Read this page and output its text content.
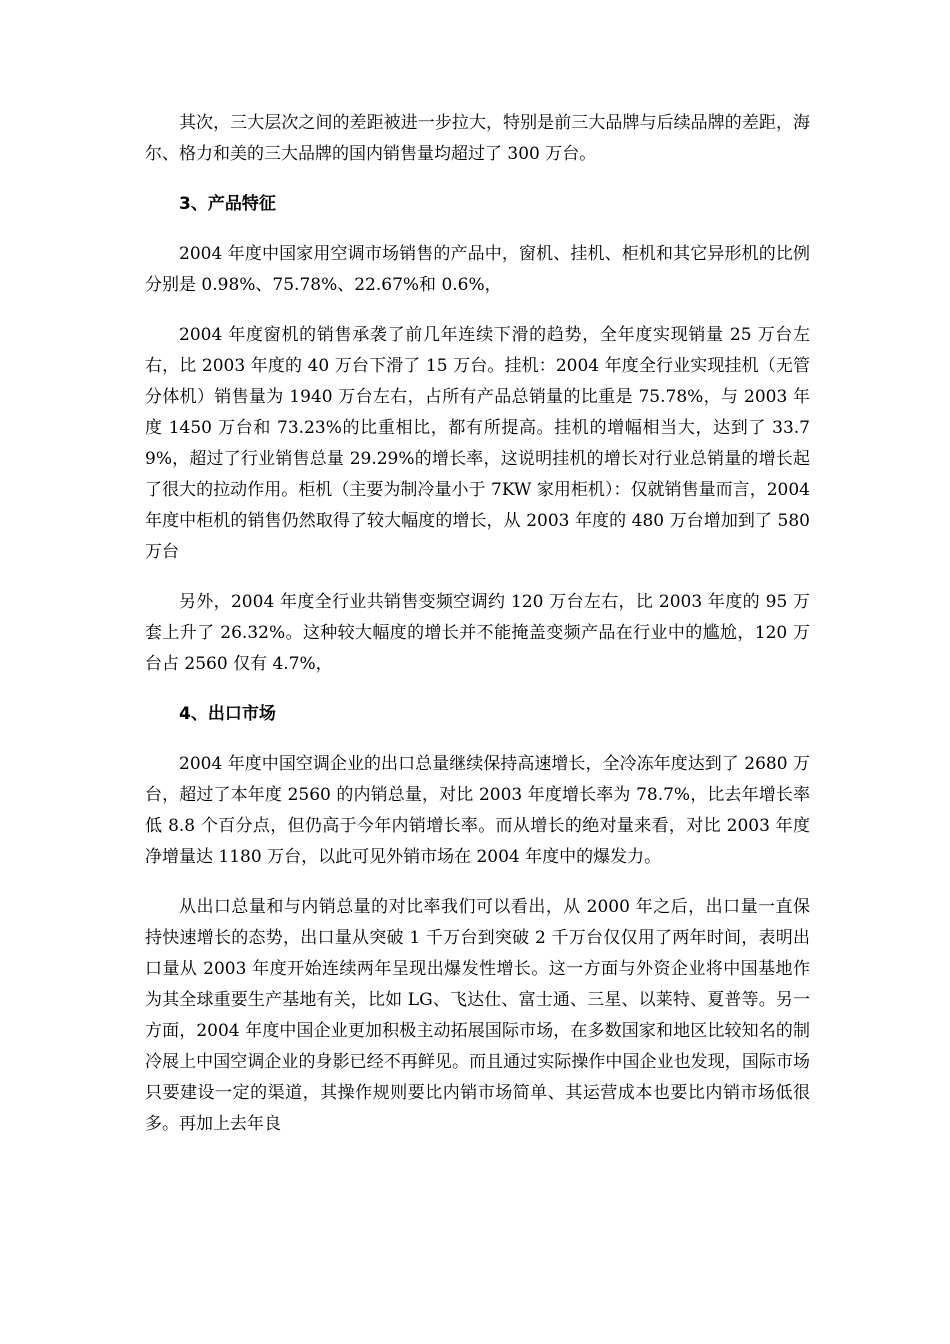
其次，三大层次之间的差距被进一步拉大，特别是前三大品牌与后续品牌的差距，海尔、格力和美的三大品牌的国内销售量均超过了 300 万台。

3、产品特征

2004 年度中国家用空调市场销售的产品中，窗机、挂机、柜机和其它异形机的比例分别是 0.98%、75.78%、22.67%和 0.6%，

2004 年度窗机的销售承袭了前几年连续下滑的趋势，全年度实现销量 25 万台左右，比 2003 年度的 40 万台下滑了 15 万台。挂机：2004 年度全行业实现挂机（无管分体机）销售量为 1940 万台左右，占所有产品总销量的比重是 75.78%，与 2003 年度 1450 万台和 73.23%的比重相比，都有所提高。挂机的增幅相当大，达到了 33.79%，超过了行业销售总量 29.29%的增长率，这说明挂机的增长对行业总销量的增长起了很大的拉动作用。柜机（主要为制冷量小于 7KW 家用柜机）：仅就销售量而言，2004 年度中柜机的销售仍然取得了较大幅度的增长，从 2003 年度的 480 万台增加到了 580 万台

另外，2004 年度全行业共销售变频空调约 120 万台左右，比 2003 年度的 95 万套上升了 26.32%。这种较大幅度的增长并不能掩盖变频产品在行业中的尴尬，120 万台占 2560 仅有 4.7%，

4、出口市场

2004 年度中国空调企业的出口总量继续保持高速增长，全冷冻年度达到了 2680 万台，超过了本年度 2560 的内销总量，对比 2003 年度增长率为 78.7%，比去年增长率低 8.8 个百分点，但仍高于今年内销增长率。而从增长的绝对量来看，对比 2003 年度净增量达 1180 万台，以此可见外销市场在 2004 年度中的爆发力。

从出口总量和与内销总量的对比率我们可以看出，从 2000 年之后，出口量一直保持快速增长的态势，出口量从突破 1 千万台到突破 2 千万台仅仅用了两年时间，表明出口量从 2003 年度开始连续两年呈现出爆发性增长。这一方面与外资企业将中国基地作为其全球重要生产基地有关，比如 LG、飞达仕、富士通、三星、以莱特、夏普等。另一方面，2004 年度中国企业更加积极主动拓展国际市场，在多数国家和地区比较知名的制冷展上中国空调企业的身影已经不再鲜见。而且通过实际操作中国企业也发现，国际市场只要建设一定的渠道，其操作规则要比内销市场简单、其运营成本也要比内销市场低很多。再加上去年良
